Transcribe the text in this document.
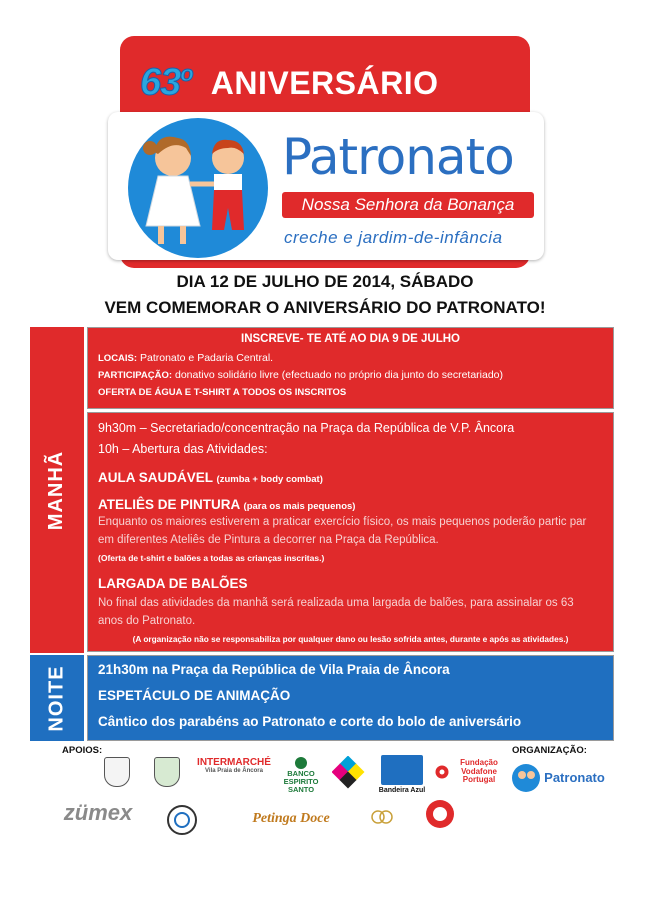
63$^o$ ANIVERSÁRIO
Patronato
Nossa Senhora da Bonança
creche e jardim-de-infância
DIA 12 DE JULHO DE 2014, SÁBADO
VEM COMEMORAR O ANIVERSÁRIO DO PATRONATO!
MANHÃ
NOITE
INSCREVE- TE ATÉ AO DIA 9 DE JULHO
LOCAIS: Patronato e Padaria Central.
PARTICIPAÇÃO: donativo solidário livre (efectuado no próprio dia junto do secretariado)
OFERTA DE ÁGUA E T-SHIRT A TODOS OS INSCRITOS
9h30m – Secretariado/concentração na Praça da República de V.P. Âncora
10h – Abertura das Atividades:
AULA SAUDÁVEL (zumba + body combat)
ATELIÊS DE PINTURA (para os mais pequenos)
Enquanto os maiores estiverem a praticar exercício físico, os mais pequenos poderão partic par
em diferentes Ateliês de Pintura a decorrer na Praça da República.
(Oferta de t-shirt e balões a todas as crianças inscritas.)
LARGADA DE BALÕES
No final das atividades da manhã será realizada uma largada de balões, para assinalar os 63
anos do Patronato.
(A organização não se responsabiliza por qualquer dano ou lesão sofrida antes, durante e após as atividades.)
21h30m na Praça da República de Vila Praia de Âncora
ESPETÁCULO DE ANIMAÇÃO
Cântico dos parabéns ao Patronato e corte do bolo de aniversário
APOIOS:	ORGANIZAÇÃO:
INTERMARCHÉ
Vila Praia de Âncora	BANCO ESPIRITO SANTO	Bandeira Azul
Fundação Vodafone Portugal	Patronato
zümex	Petinga Doce
